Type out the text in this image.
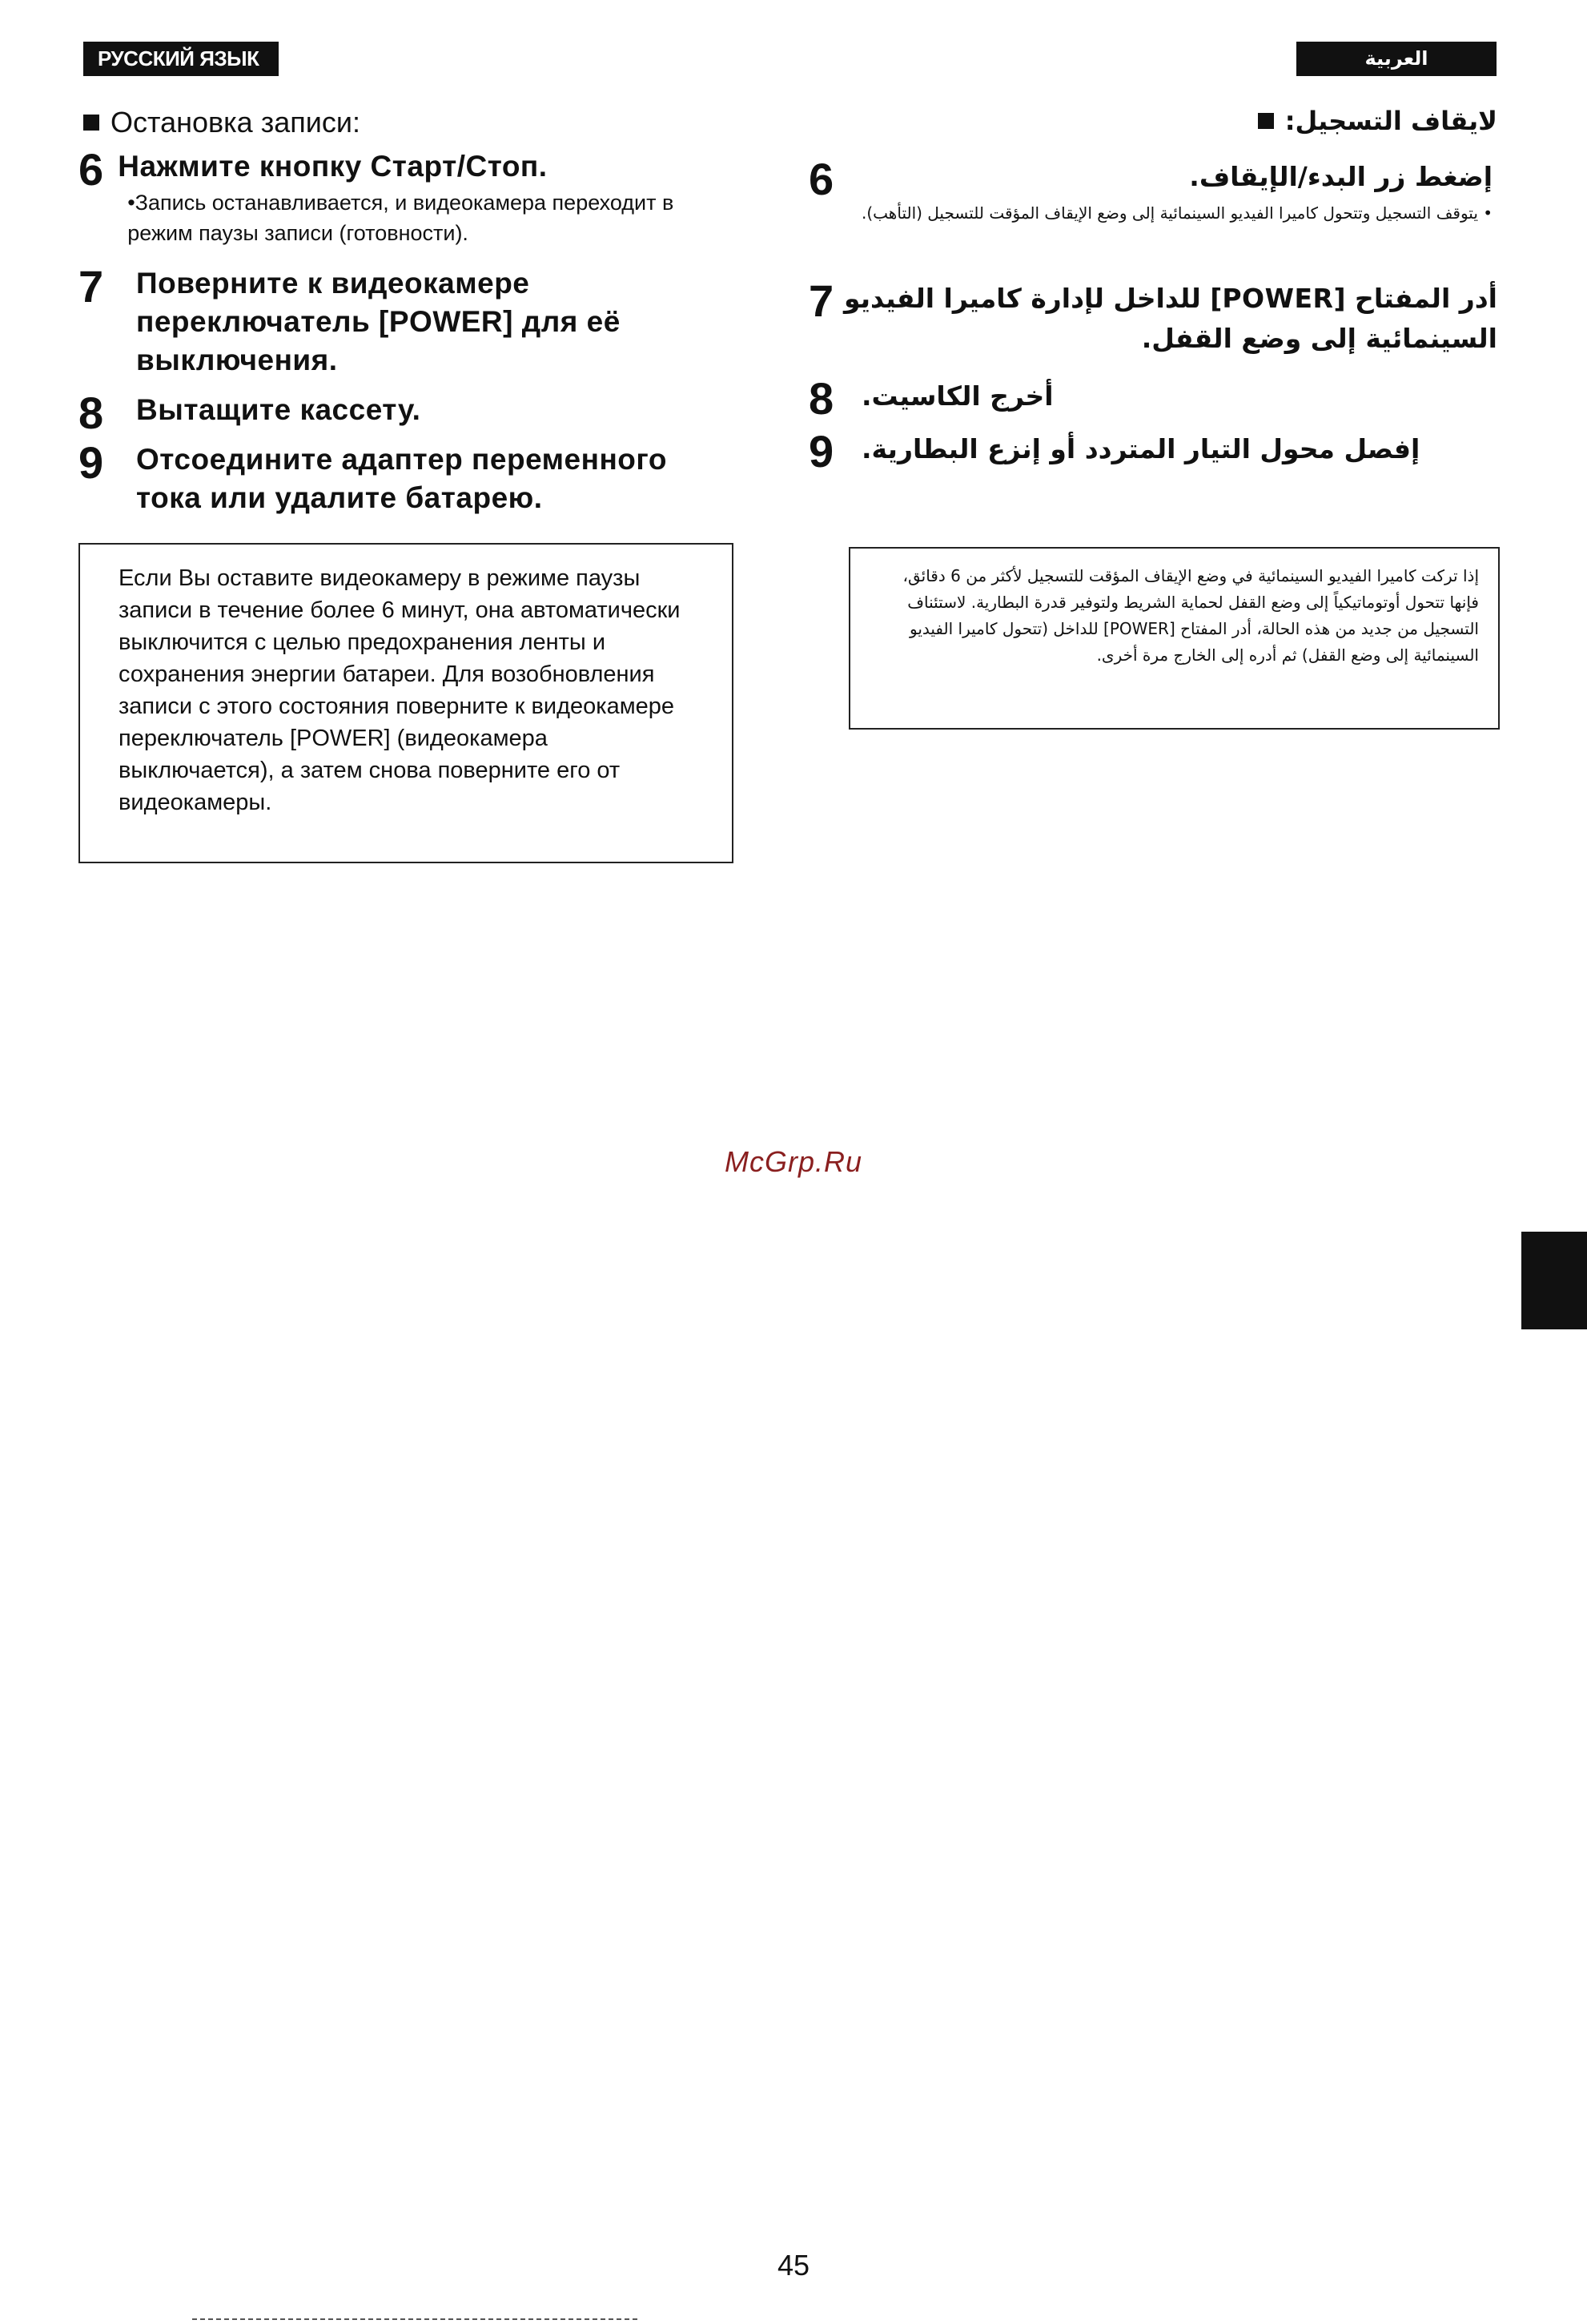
РУССКИЙ ЯЗЫК	العربية
Остановка записи:
6 Нажмите кнопку Старт/Стоп.
•Запись останавливается, и видеокамера переходит в режим паузы записи (готовности).
7	Поверните к видеокамере переключатель [POWER] для её выключения.
8	Вытащите кассету.
9	Отсоедините адаптер переменного тока или удалите батарею.
Если Вы оставите видеокамеру в режиме паузы записи в течение более 6 минут, она автоматически выключится с целью предохранения ленты и сохранения энергии батареи. Для возобновления записи с этого состояния поверните к видеокамере переключатель [POWER] (видеокамера выключается), а затем снова поверните его от видеокамеры.
لايقاف التسجيل:
6	إضغط زر البدء/الإيقاف.
• يتوقف التسجيل وتتحول كاميرا الفيديو السينمائية إلى وضع الإيقاف المؤقت للتسجيل (التأهب).
7 أدر المفتاح [POWER] للداخل لإدارة كاميرا الفيديو السينمائية إلى وضع القفل.
8	أخرج الكاسيت.
9	إفصل محول التيار المتردد أو إنزع البطارية.
إذا تركت كاميرا الفيديو السينمائية في وضع الإيقاف المؤقت للتسجيل لأكثر من 6 دقائق، فإنها تتحول أوتوماتيكياً إلى وضع القفل لحماية الشريط ولتوفير قدرة البطارية. لاستئناف التسجيل من جديد من هذه الحالة، أدر المفتاح [POWER] للداخل (تتحول كاميرا الفيديو السينمائية إلى وضع القفل) ثم أدره إلى الخارج مرة أخرى.
McGrp.Ru
45
